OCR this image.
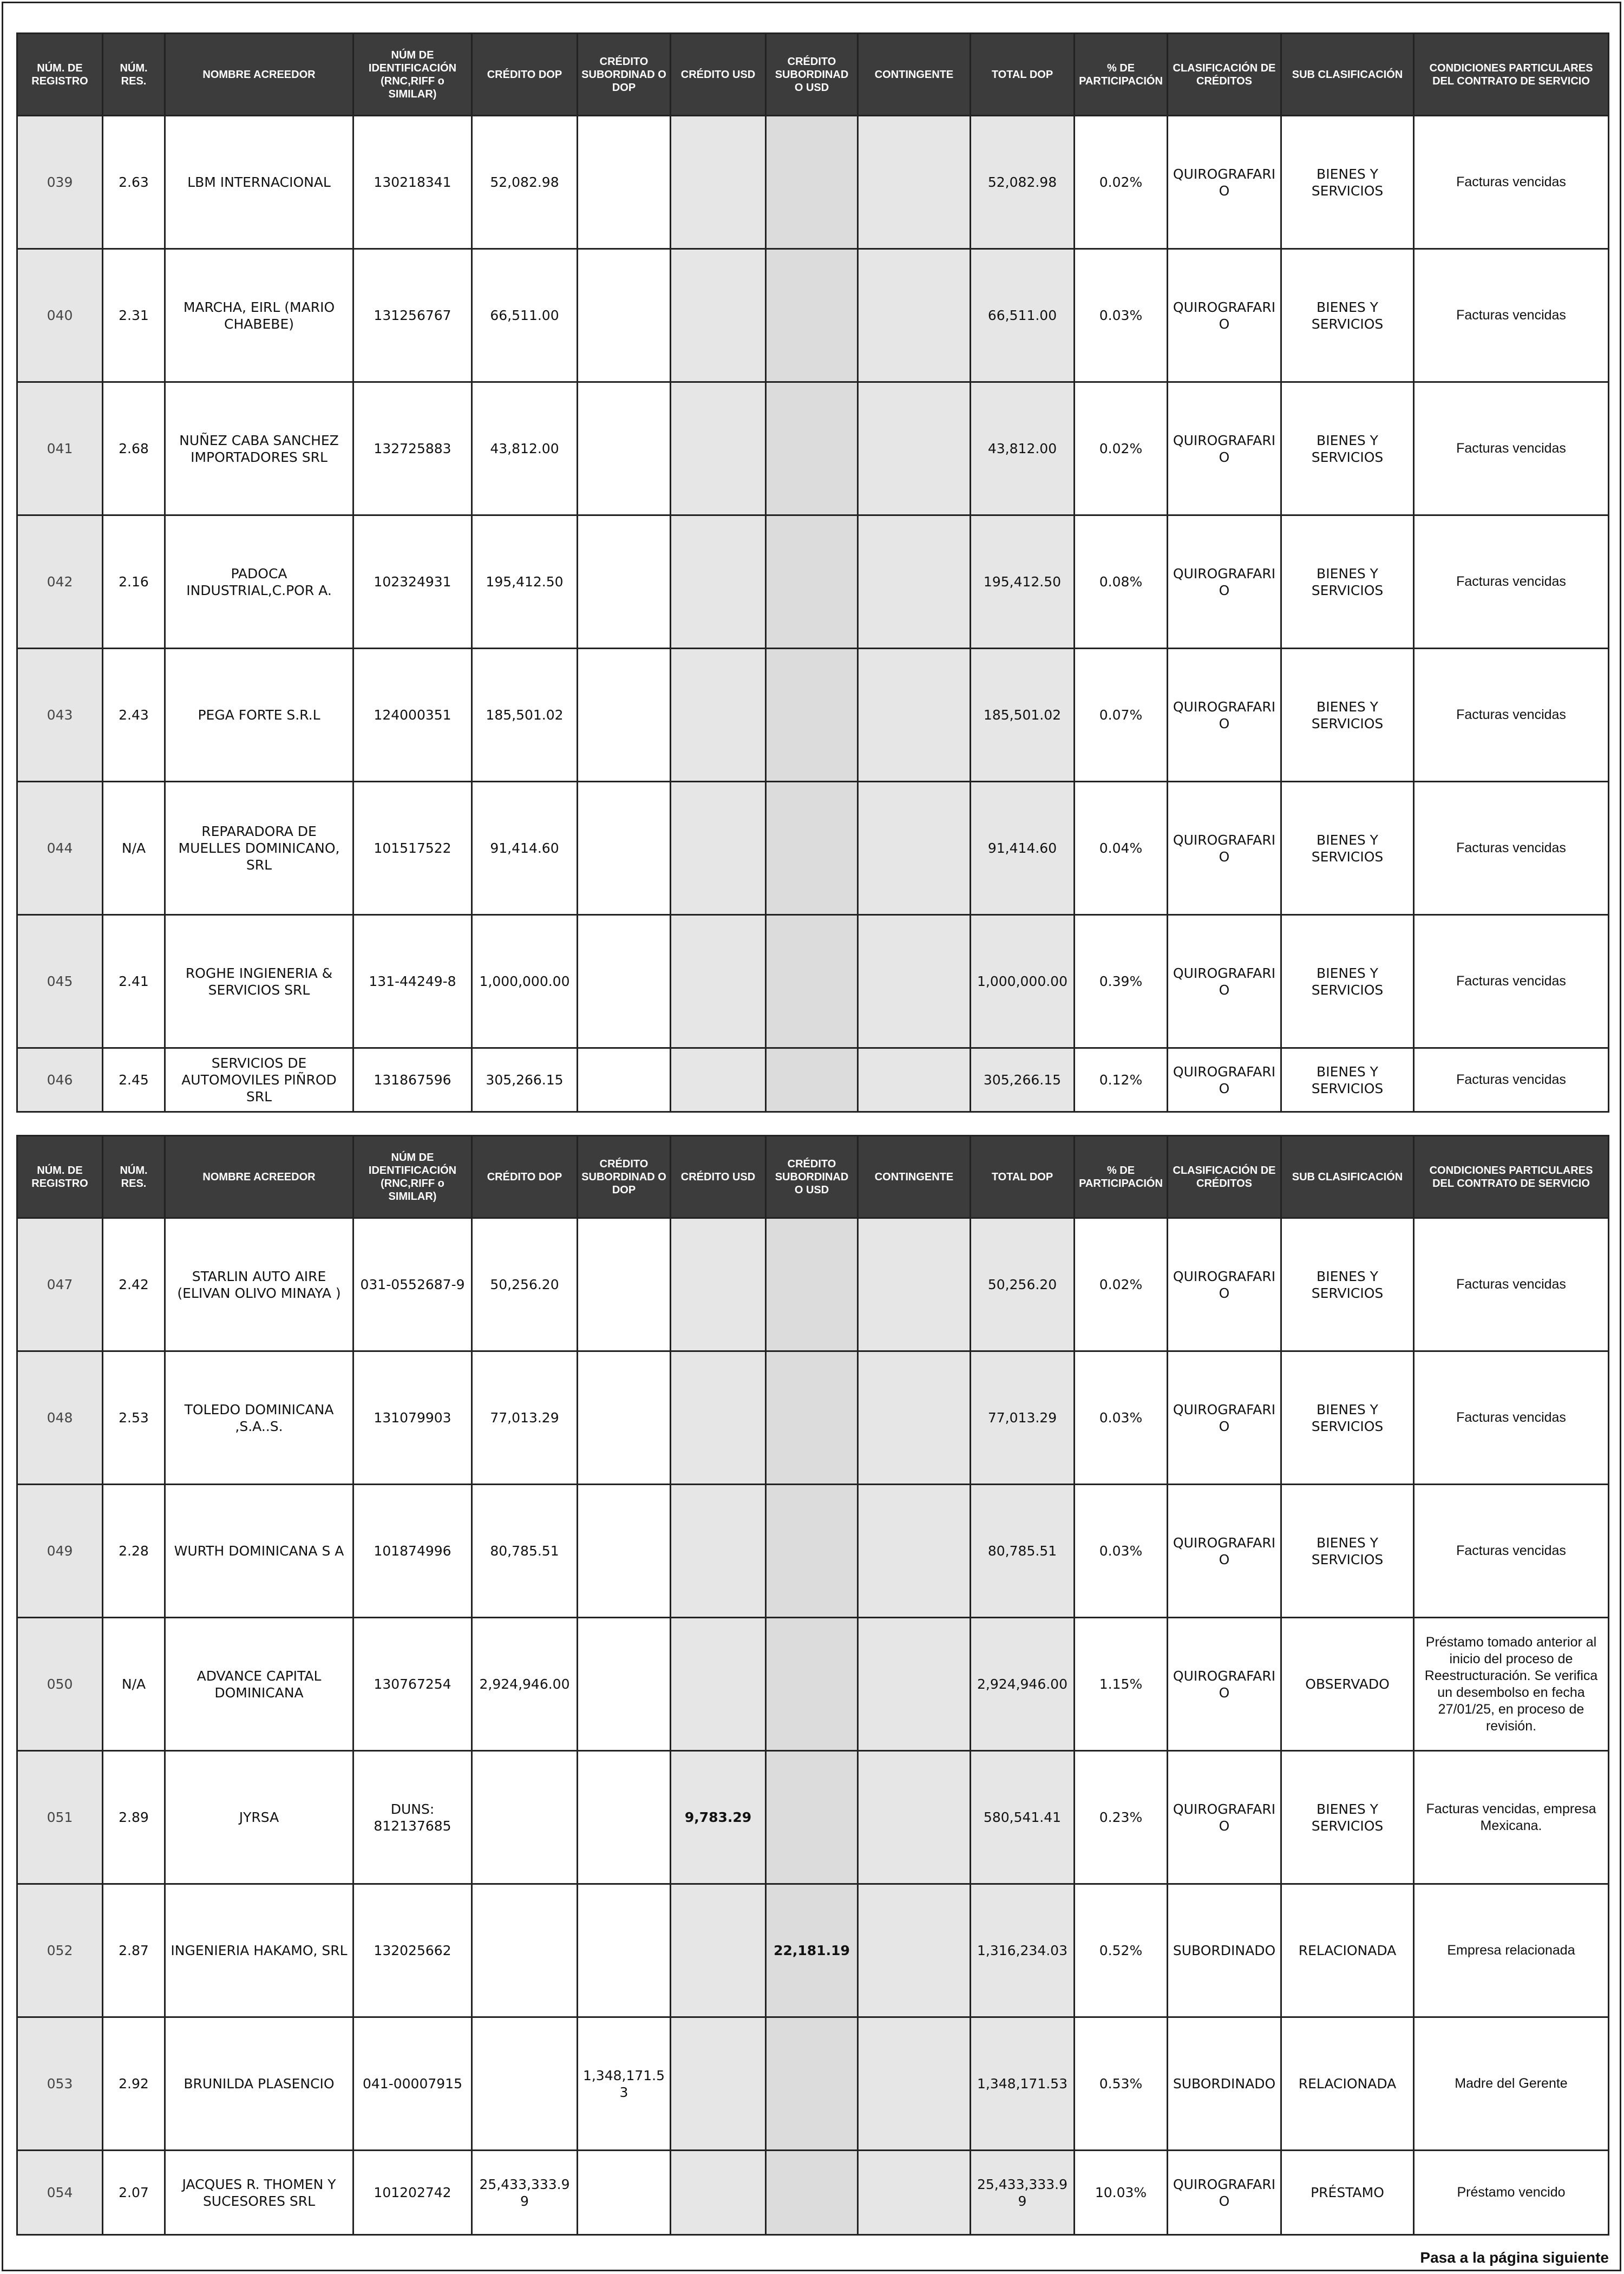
NÚM. DE REGISTRO	NÚM. RES.	NOMBRE ACREEDOR	NÚM DE IDENTIFICACIÓN (RNC,RIFF o SIMILAR)	CRÉDITO DOP	CRÉDITO SUBORDINAD O DOP	CRÉDITO USD	CRÉDITO SUBORDINAD O USD	CONTINGENTE	TOTAL DOP	% DE PARTICIPACIÓN	CLASIFICACIÓN DE CRÉDITOS	SUB CLASIFICACIÓN	CONDICIONES PARTICULARES DEL CONTRATO DE SERVICIO
039	2.63	LBM INTERNACIONAL	130218341	52,082.98					52,082.98	0.02%	QUIROGRAFARIO	BIENES Y SERVICIOS	Facturas vencidas
040	2.31	MARCHA, EIRL (MARIO CHABEBE)	131256767	66,511.00					66,511.00	0.03%	QUIROGRAFARIO	BIENES Y SERVICIOS	Facturas vencidas
041	2.68	NUÑEZ CABA SANCHEZ IMPORTADORES SRL	132725883	43,812.00					43,812.00	0.02%	QUIROGRAFARIO	BIENES Y SERVICIOS	Facturas vencidas
042	2.16	PADOCA INDUSTRIAL,C.POR A.	102324931	195,412.50					195,412.50	0.08%	QUIROGRAFARIO	BIENES Y SERVICIOS	Facturas vencidas
043	2.43	PEGA FORTE S.R.L	124000351	185,501.02					185,501.02	0.07%	QUIROGRAFARIO	BIENES Y SERVICIOS	Facturas vencidas
044	N/A	REPARADORA DE MUELLES DOMINICANO, SRL	101517522	91,414.60					91,414.60	0.04%	QUIROGRAFARIO	BIENES Y SERVICIOS	Facturas vencidas
045	2.41	ROGHE INGIENERIA & SERVICIOS SRL	131-44249-8	1,000,000.00					1,000,000.00	0.39%	QUIROGRAFARIO	BIENES Y SERVICIOS	Facturas vencidas
046	2.45	SERVICIOS DE AUTOMOVILES PIÑROD SRL	131867596	305,266.15					305,266.15	0.12%	QUIROGRAFARIO	BIENES Y SERVICIOS	Facturas vencidas
NÚM. DE REGISTRO	NÚM. RES.	NOMBRE ACREEDOR	NÚM DE IDENTIFICACIÓN (RNC,RIFF o SIMILAR)	CRÉDITO DOP	CRÉDITO SUBORDINAD O DOP	CRÉDITO USD	CRÉDITO SUBORDINAD O USD	CONTINGENTE	TOTAL DOP	% DE PARTICIPACIÓN	CLASIFICACIÓN DE CRÉDITOS	SUB CLASIFICACIÓN	CONDICIONES PARTICULARES DEL CONTRATO DE SERVICIO
047	2.42	STARLIN AUTO AIRE (ELIVAN OLIVO MINAYA )	031-0552687-9	50,256.20					50,256.20	0.02%	QUIROGRAFARIO	BIENES Y SERVICIOS	Facturas vencidas
048	2.53	TOLEDO DOMINICANA ,S.A..S.	131079903	77,013.29					77,013.29	0.03%	QUIROGRAFARIO	BIENES Y SERVICIOS	Facturas vencidas
049	2.28	WURTH DOMINICANA S A	101874996	80,785.51					80,785.51	0.03%	QUIROGRAFARIO	BIENES Y SERVICIOS	Facturas vencidas
050	N/A	ADVANCE CAPITAL DOMINICANA	130767254	2,924,946.00					2,924,946.00	1.15%	QUIROGRAFARIO	OBSERVADO	Préstamo tomado anterior al inicio del proceso de Reestructuración. Se verifica un desembolso en fecha 27/01/25, en proceso de revisión.
051	2.89	JYRSA	DUNS: 812137685			9,783.29			580,541.41	0.23%	QUIROGRAFARIO	BIENES Y SERVICIOS	Facturas vencidas, empresa Mexicana.
052	2.87	INGENIERIA HAKAMO, SRL	132025662				22,181.19		1,316,234.03	0.52%	SUBORDINADO	RELACIONADA	Empresa relacionada
053	2.92	BRUNILDA PLASENCIO	041-00007915		1,348,171.53				1,348,171.53	0.53%	SUBORDINADO	RELACIONADA	Madre del Gerente
054	2.07	JACQUES R. THOMEN Y SUCESORES SRL	101202742	25,433,333.99					25,433,333.99	10.03%	QUIROGRAFARIO	PRÉSTAMO	Préstamo vencido
Pasa a la página siguiente
